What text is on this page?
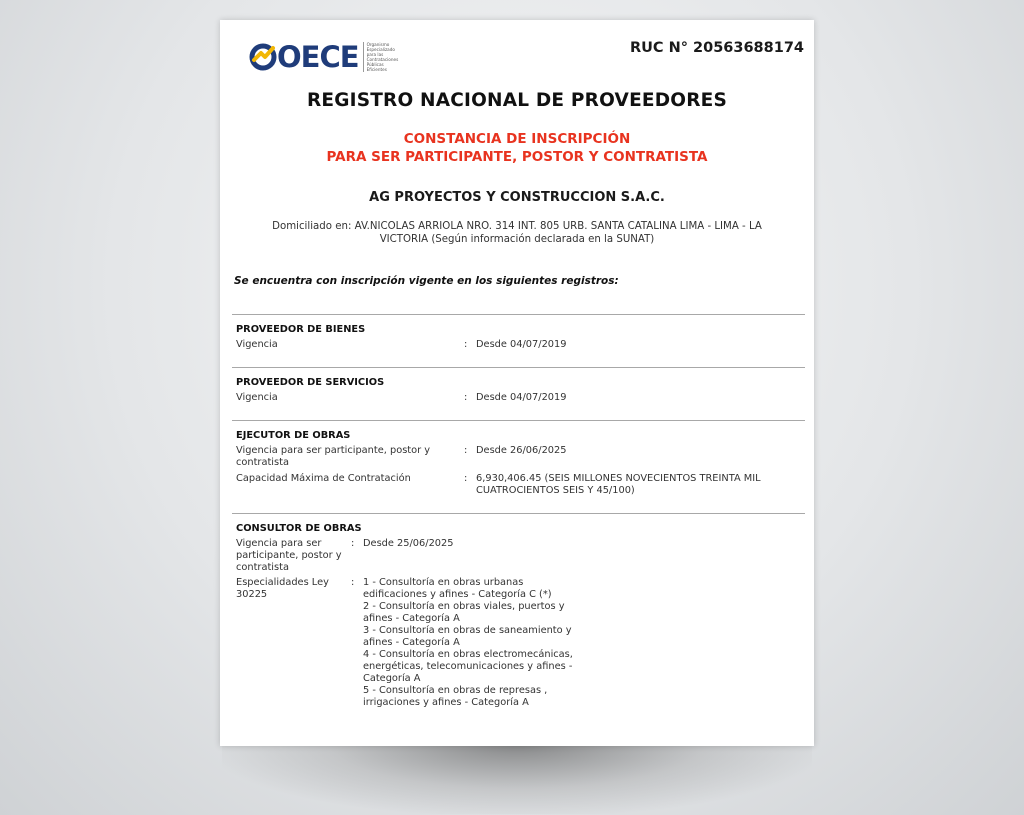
OECE	Organismo Especializado para las Contrataciones Públicas Eficientes
RUC N° 20563688174
REGISTRO NACIONAL DE PROVEEDORES
CONSTANCIA DE INSCRIPCIÓN
PARA SER PARTICIPANTE, POSTOR Y CONTRATISTA
AG PROYECTOS Y CONSTRUCCION S.A.C.
Domiciliado en: AV.NICOLAS ARRIOLA NRO. 314 INT. 805 URB. SANTA CATALINA LIMA - LIMA - LA VICTORIA (Según información declarada en la SUNAT)
Se encuentra con inscripción vigente en los siguientes registros:
PROVEEDOR DE BIENES
Vigencia	: Desde 04/07/2019
PROVEEDOR DE SERVICIOS
Vigencia	: Desde 04/07/2019
EJECUTOR DE OBRAS
Vigencia para ser participante, postor y contratista
: Desde 26/06/2025
Capacidad Máxima de Contratación	: 6,930,406.45 (SEIS MILLONES NOVECIENTOS TREINTA MIL CUATROCIENTOS SEIS Y 45/100)
CONSULTOR DE OBRAS
Vigencia para ser participante, postor y contratista
: Desde 25/06/2025
Especialidades Ley 30225
: 1 - Consultoría en obras urbanas edificaciones y afines - Categoría C (*)
2 - Consultoría en obras viales, puertos y afines - Categoría A
3 - Consultoría en obras de saneamiento y afines - Categoría A
4 - Consultoría en obras electromecánicas, energéticas, telecomunicaciones y afines - Categoría A
5 - Consultoría en obras de represas , irrigaciones y afines - Categoría A
